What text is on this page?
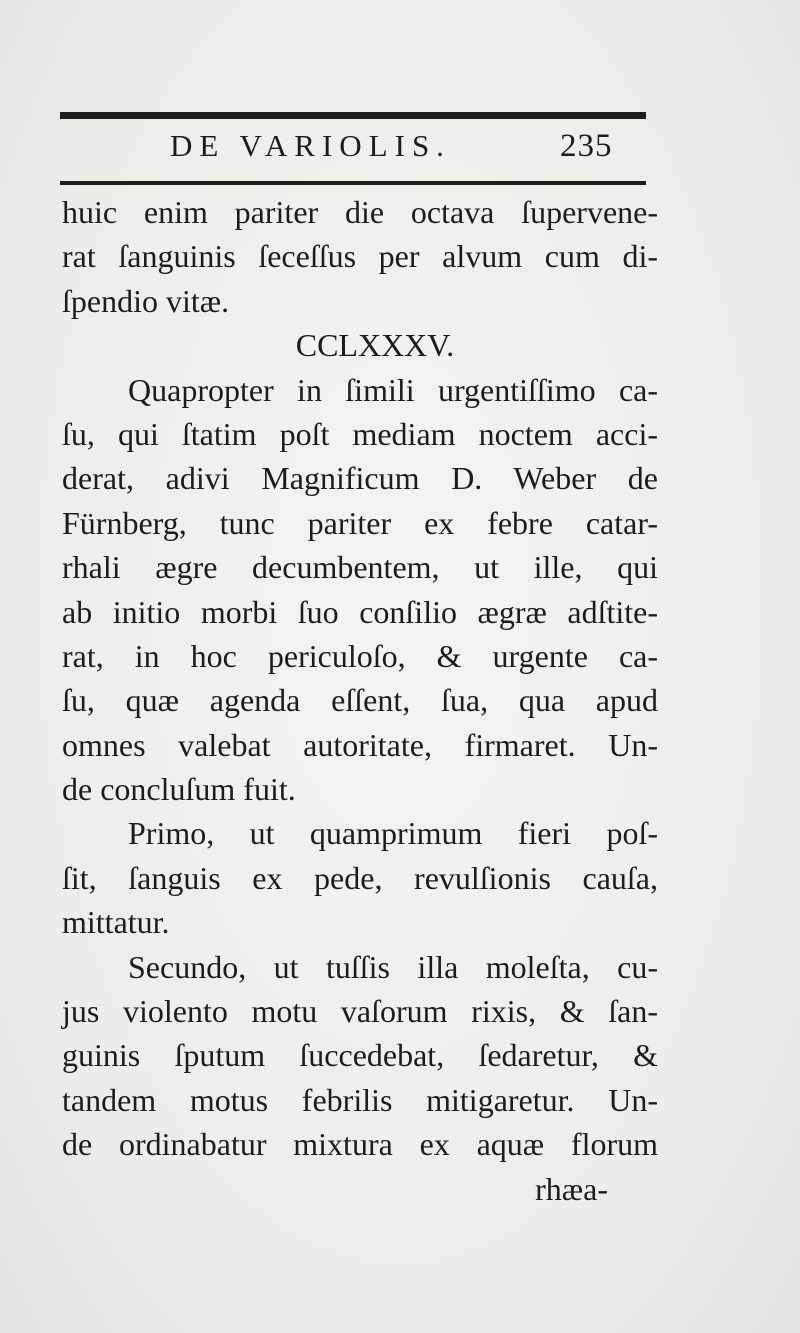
DE VARIOLIS.	235
huic enim pariter die octava ſupervene-
rat ſanguinis ſeceſſus per alvum cum di-
ſpendio vitæ.
CCLXXXV.
Quapropter in ſimili urgentiſſimo ca-
ſu, qui ſtatim poſt mediam noctem acci-
derat, adivi Magnificum D. Weber de
Fürnberg, tunc pariter ex febre catar-
rhali ægre decumbentem, ut ille, qui
ab initio morbi ſuo conſilio ægræ adſtite-
rat, in hoc periculoſo, & urgente ca-
ſu, quæ agenda eſſent, ſua, qua apud
omnes valebat autoritate, firmaret. Un-
de concluſum fuit.
Primo, ut quamprimum fieri poſ-
ſit, ſanguis ex pede, revulſionis cauſa,
mittatur.
Secundo, ut tuſſis illa moleſta, cu-
jus violento motu vaſorum rixis, & ſan-
guinis ſputum ſuccedebat, ſedaretur, &
tandem motus febrilis mitigaretur. Un-
de ordinabatur mixtura ex aquæ florum
rhæa-
